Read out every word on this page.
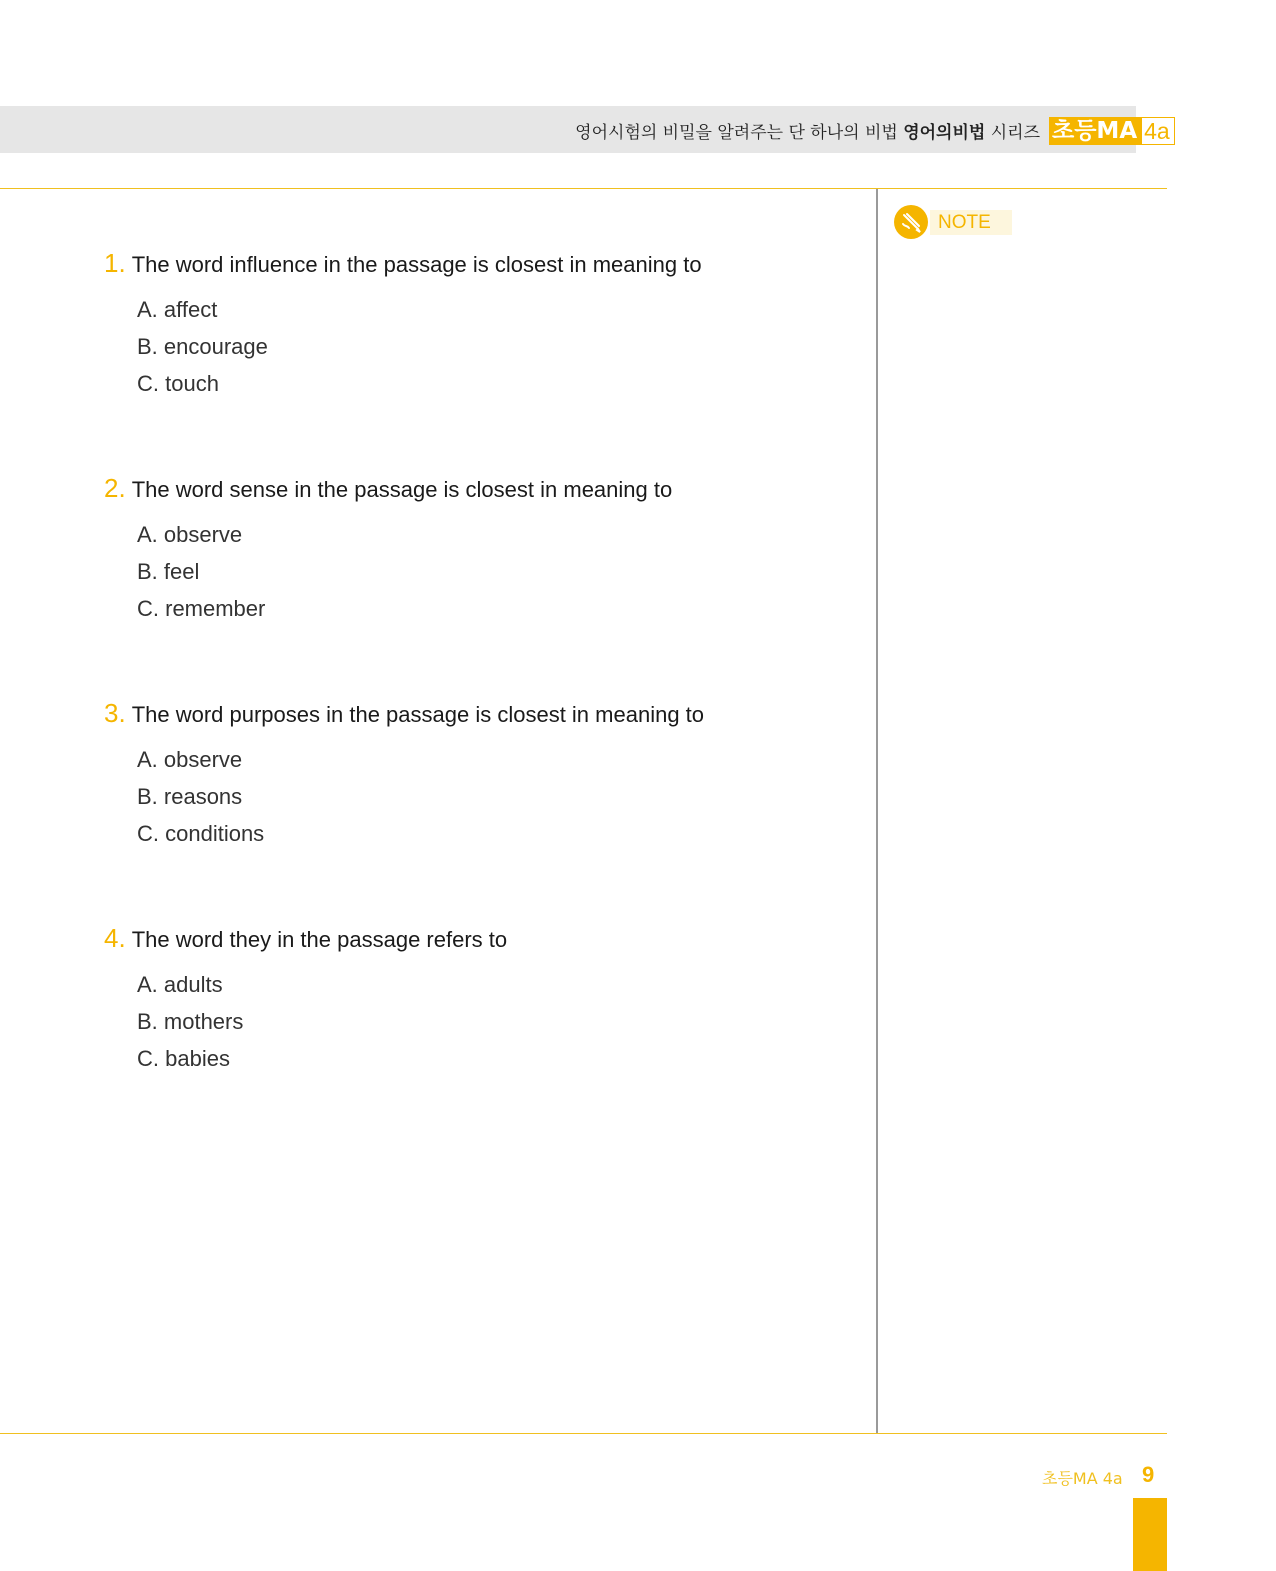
영어시험의 비밀을 알려주는 단 하나의 비법 영어의비법 시리즈 초등MA 4a
NOTE
1. The word influence in the passage is closest in meaning to
A. affect
B. encourage
C. touch
2. The word sense in the passage is closest in meaning to
A. observe
B. feel
C. remember
3. The word purposes in the passage is closest in meaning to
A. observe
B. reasons
C. conditions
4. The word they in the passage refers to
A. adults
B. mothers
C. babies
초등MA 4a 9
